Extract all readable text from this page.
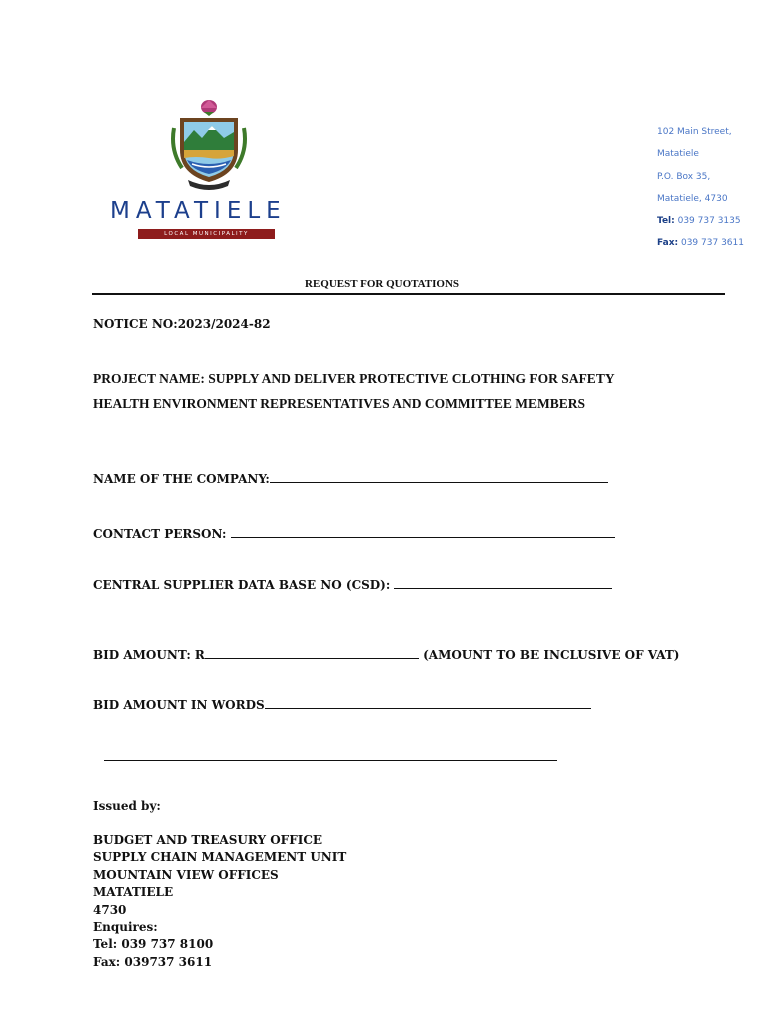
MATATIELE
LOCAL MUNICIPALITY
102 Main Street,
Matatiele
P.O. Box 35,
Matatiele, 4730
Tel: 039 737 3135
Fax: 039 737 3611
REQUEST FOR QUOTATIONS
NOTICE NO:2023/2024-82
PROJECT NAME: SUPPLY AND DELIVER PROTECTIVE CLOTHING FOR SAFETY
HEALTH ENVIRONMENT REPRESENTATIVES AND COMMITTEE MEMBERS
NAME OF THE COMPANY:
CONTACT PERSON:
CENTRAL SUPPLIER DATA BASE NO (CSD):
BID AMOUNT: R	(AMOUNT TO BE INCLUSIVE OF VAT)
BID AMOUNT IN WORDS
Issued by:
BUDGET AND TREASURY OFFICE
SUPPLY CHAIN MANAGEMENT UNIT
MOUNTAIN VIEW OFFICES
MATATIELE
4730
Enquires:
Tel: 039 737 8100
Fax: 039737 3611
